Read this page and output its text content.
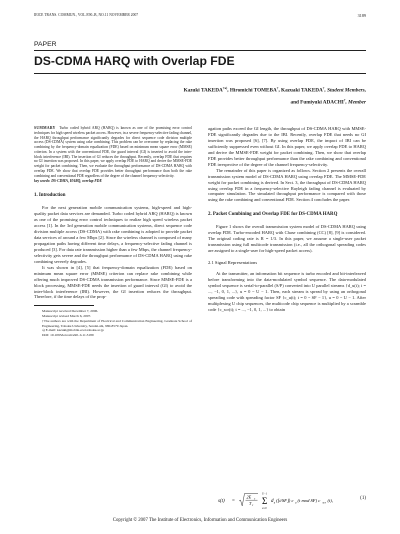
IEICE TRANS. COMMUN., VOL.E90–B, NO.11 NOVEMBER 2007	3189
PAPER
DS-CDMA HARQ with Overlap FDE
Kazuki TAKEDA$^{\dagger a)}$, Hiromichi TOMEBA†, Kazuaki TAKEDA†, Student Members,
and Fumiyuki ADACHI†, Member
SUMMARY Turbo coded hybrid ARQ (HARQ) is known as one of the promising error control techniques for high speed wireless packet access. However, in a severe frequency-selective fading channel, the HARQ throughput performance significantly degrades for direct sequence code division multiple access (DS-CDMA) system using rake combining. This problem can be overcome by replacing the rake combining by the frequency-domain equalization (FDE) based on minimum mean square error (MMSE) criterion. In a system with the conventional FDE, the guard interval (GI) is inserted to avoid the inter-block interference (IBI). The insertion of GI reduces the throughput. Recently, overlap FDE that requires no GI insertion was proposed. In this paper, we apply overlap FDE to HARQ and derive the MMSE-FDE weight for packet combining. Then, we evaluate the throughput performance of DS-CDMA HARQ with overlap FDE. We show that overlap FDE provides better throughput performance than both the rake combining and conventional FDE regardless of the degree of the channel frequency-selectivity.
key words: DS-CDMA, HARQ, overlap FDE
1. Introduction

For the next generation mobile communication systems, high-speed and high-quality packet data services are demanded. Turbo coded hybrid ARQ (HARQ) is known as one of the promising error control techniques to realize high speed wireless packet access [1]. In the 3rd generation mobile communication systems, direct sequence code division multiple access (DS-CDMA) with rake combining is adopted to provide packet data services of around a few Mbps [2]. Since the wireless channel is composed of many propagation paths having different time delays, a frequency-selective fading channel is produced [3]. For data rate transmission higher than a few Mbps, the channel frequency-selectivity gets severe and the throughput performance of DS-CDMA HARQ using rake combining severely degrades.

It was shown in [4], [5] that frequency-domain equalization (FDE) based on minimum mean square error (MMSE) criterion can replace rake combining while offering much improved DS-CDMA transmission performance. Since MMSE-FDE is a block processing, MMSE-FDE needs the insertion of guard interval (GI) to avoid the inter-block interference (IBI). However, the GI insertion reduces the throughput. Therefore, if the time delays of the prop-

Manuscript received December 7, 2006.
Manuscript revised March 6, 2007.
†The authors are with the Department of Electrical and Communication Engineering, Graduate School of Engineering, Tohoku University, Sendai-shi, 980-8579 Japan.
a) E-mail: kazuki@mobile.ecei.tohoku.ac.jp
DOI: 10.1093/ietcom/e90–b.11.3189

agation paths exceed the GI length, the throughput of DS-CDMA HARQ with MMSE-FDE significantly degrades due to the IBI. Recently, overlap FDE that needs no GI insertion was proposed [6], [7]. By using overlap FDE, the impact of IBI can be sufficiently suppressed even without GI. In this paper, we apply overlap FDE to HARQ and derive the MMSE-FDE weight for packet combining. Then, we show that overlap FDE provides better throughput performance than the rake combining and conventional FDE irrespective of the degree of the channel frequency-selectivity.

The remainder of this paper is organized as follows. Section 2 presents the overall transmission system model of DS-CDMA HARQ using overlap FDE. The MMSE-FDE weight for packet combining is derived. In Sect. 3, the throughput of DS-CDMA HARQ using overlap FDE in a frequency-selective Rayleigh fading channel is evaluated by computer simulation. The simulated throughput performance is compared with those using the rake combining and conventional FDE. Section 4 concludes the paper.

2. Packet Combining and Overlap FDE for DS-CDMA HARQ

Figure 1 shows the overall transmission system model of DS-CDMA HARQ using overlap FDE. Turbo-encoded HARQ with Chase combining (CC) [8], [9] is considered. The original coding rate is R = 1/3. In this paper, we assume a single-user packet transmission using full multicode transmission (i.e., all the orthogonal spreading codes are assigned to a single-user for high-speed packet access).

2.1 Signal Representations

At the transmitter, an information bit sequence is turbo encoded and bit-interleaved before transforming into the data-modulated symbol sequence. The data-modulated symbol sequence is serial-to-parallel (S/P) converted into U parallel streams {d_u(i); i = ..., −1, 0, 1, ...}, u = 0 ~ U − 1. Then, each stream is spread by using an orthogonal spreading code with spreading factor SF {c_u(t); t = 0 ~ SF − 1}, u = 0 ~ U − 1. After multiplexing U chip sequences, the multicode chip sequence is multiplied by a scramble code {c_scr(t); t = ..., −1, 0, 1, ...} to obtain

s(t) =
2E c
T c Σ
U−1
u=0
d u (⌊t/SF⌋) c u (t mod SF) c scr (t),	(1)
Copyright © 2007 The Institute of Electronics, Information and Communication Engineers
